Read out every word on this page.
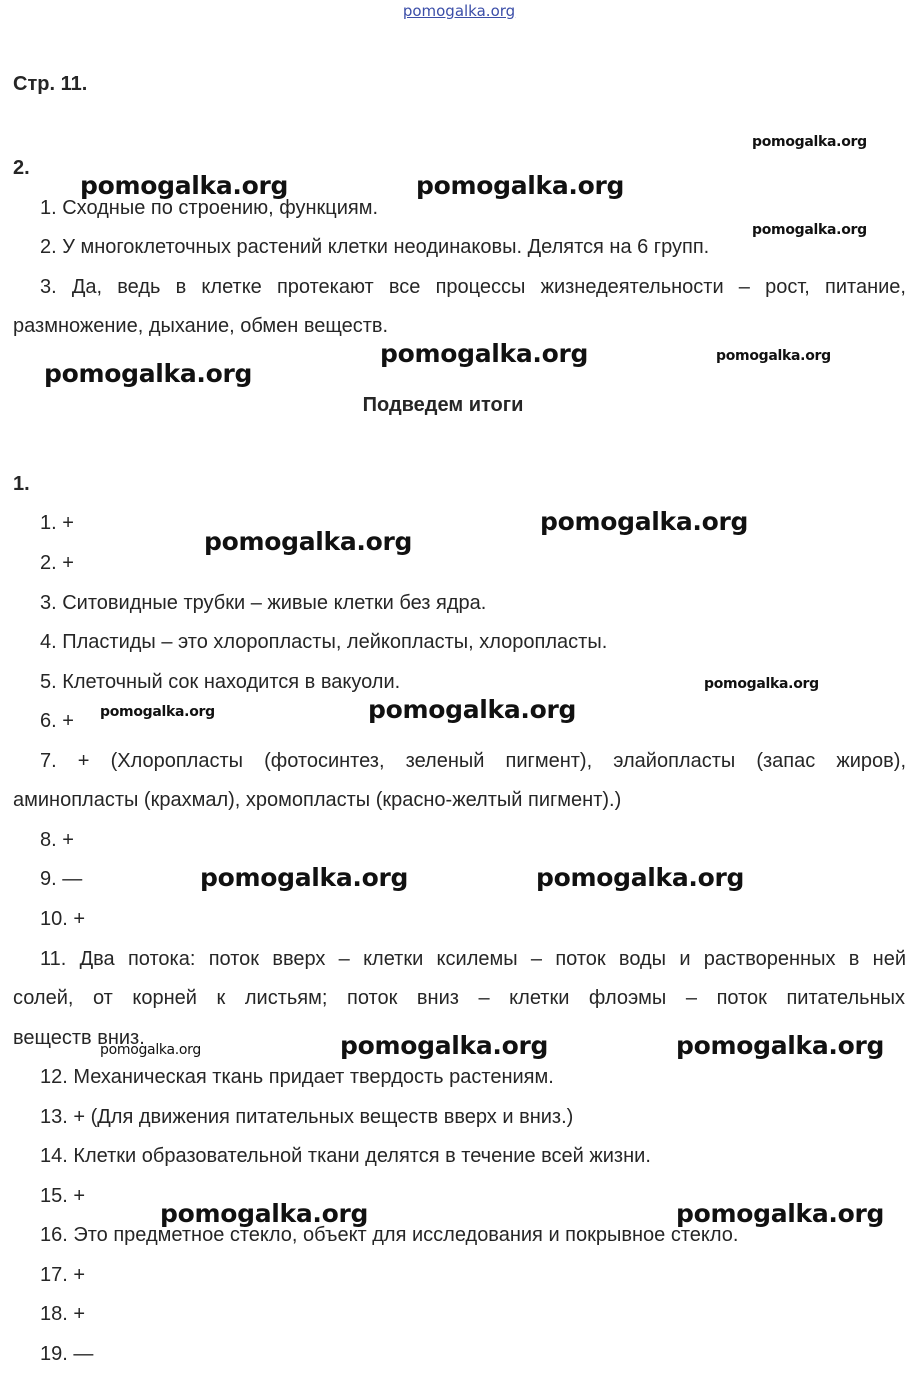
pomogalka.org
Стр. 11.
2.
1. Сходные по строению, функциям.
2. У многоклеточных растений клетки неодинаковы. Делятся на 6 групп.
3. Да, ведь в клетке протекают все процессы жизнедеятельности – рост, питание,
размножение, дыхание, обмен веществ.
Подведем итоги
1.
1. +
2. +
3. Ситовидные трубки – живые клетки без ядра.
4. Пластиды – это хлоропласты, лейкопласты, хлоропласты.
5. Клеточный сок находится в вакуоли.
6. +
7. + (Хлоропласты (фотосинтез, зеленый пигмент), элайопласты (запас жиров),
аминопласты (крахмал), хромопласты (красно-желтый пигмент).)
8. +
9. —
10. +
11. Два потока: поток вверх – клетки ксилемы – поток воды и растворенных в ней
солей, от корней к листьям; поток вниз – клетки флоэмы – поток питательных
веществ вниз.
12. Механическая ткань придает твердость растениям.
13. + (Для движения питательных веществ вверх и вниз.)
14. Клетки образовательной ткани делятся в течение всей жизни.
15. +
16. Это предметное стекло, объект для исследования и покрывное стекло.
17. +
18. +
19. —
pomogalka.org
pomogalka.org	pomogalka.org
pomogalka.org
pomogalka.org	pomogalka.org
pomogalka.org
pomogalka.org
pomogalka.org
pomogalka.org
pomogalka.org
pomogalka.org
pomogalka.org	pomogalka.org
pomogalka.org	pomogalka.org
pomogalka.org
pomogalka.org	pomogalka.org
